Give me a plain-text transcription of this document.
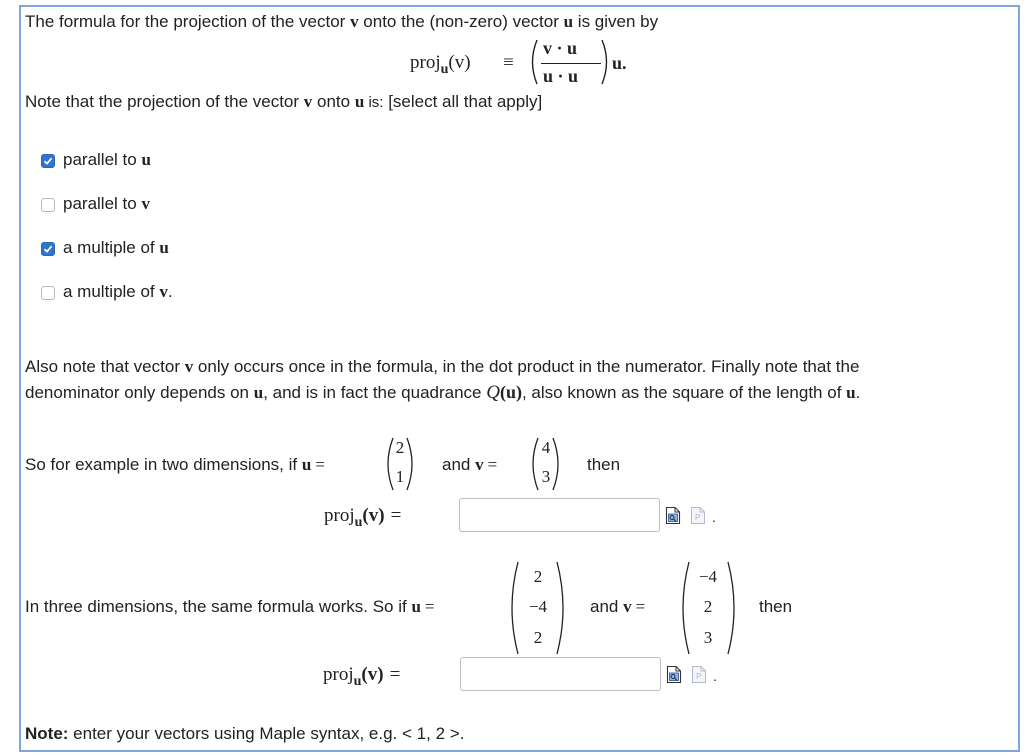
The formula for the projection of the vector v onto the (non-zero) vector u is given by
proj$_u$(v) ≡
v · u
u · u
u.
Note that the projection of the vector v onto u is: [select all that apply]
parallel to u
parallel to v
a multiple of u
a multiple of v.
Also note that vector v only occurs once in the formula, in the dot product in the numerator. Finally note that the
denominator only depends on u, and is in fact the quadrance Q(u), also known as the square of the length of u.
So for example in two dimensions, if u =
2
1
and v =
4
3
then
proj$_u$(v) =	P .
In three dimensions, the same formula works. So if u =
2
−4
2
and v =
−4
2
3
then
proj$_u$(v) =	P .
Note: enter your vectors using Maple syntax, e.g. < 1, 2 >.
